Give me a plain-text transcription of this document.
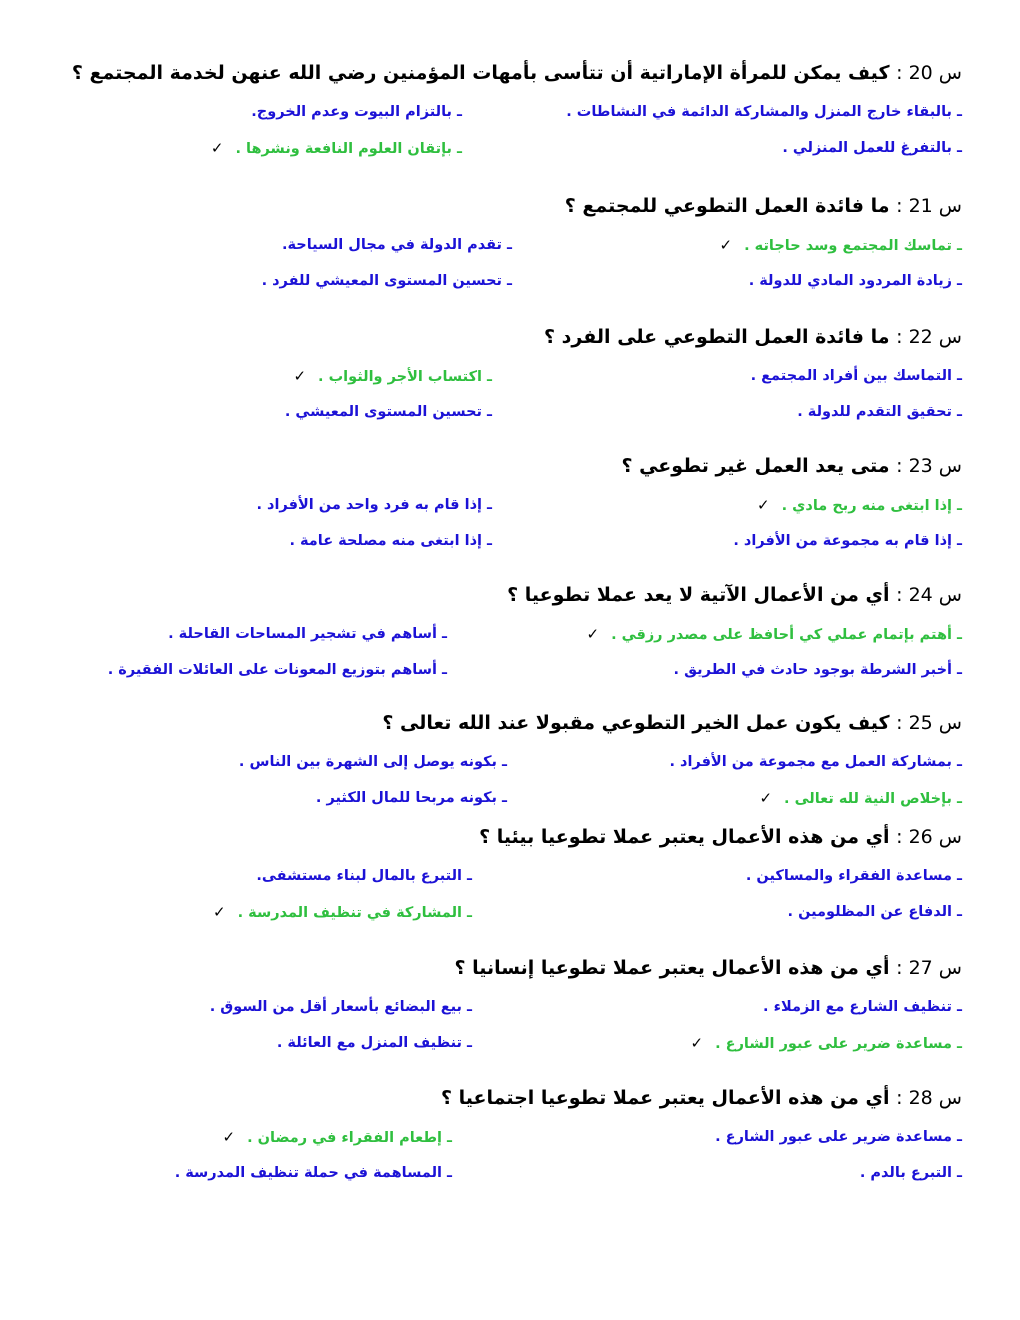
س 20 : كيف يمكن للمرأة الإماراتية أن تتأسى بأمهات المؤمنين رضي الله عنهن لخدمة المجتمع ؟
ـ بالبقاء خارج المنزل والمشاركة الدائمة في النشاطات .
ـ بالتزام البيوت وعدم الخروج.
ـ بالتفرغ للعمل المنزلي .
ـ بإتقان العلوم النافعة ونشرها .✓
س 21 : ما فائدة العمل التطوعي للمجتمع ؟
ـ تماسك المجتمع وسد حاجاته .✓
ـ تقدم الدولة في مجال السياحة.
ـ زيادة المردود المادي للدولة .
ـ تحسين المستوى المعيشي للفرد .
س 22 : ما فائدة العمل التطوعي على الفرد ؟
ـ التماسك بين أفراد المجتمع .
ـ اكتساب الأجر والثواب .✓
ـ تحقيق التقدم للدولة .
ـ تحسين المستوى المعيشي .
س 23 : متى يعد العمل غير تطوعي ؟
ـ إذا ابتغى منه ربح مادي .✓
ـ إذا قام به فرد واحد من الأفراد .
ـ إذا قام به مجموعة من الأفراد .
ـ إذا ابتغى منه مصلحة عامة .
س 24 : أي من الأعمال الآتية لا يعد عملا تطوعيا ؟
ـ أهتم بإتمام عملي كي أحافظ على مصدر رزقي .✓
ـ أساهم في تشجير المساحات القاحلة .
ـ أخبر الشرطة بوجود حادث في الطريق .
ـ أساهم بتوزيع المعونات على العائلات الفقيرة .
س 25 : كيف يكون عمل الخير التطوعي مقبولا عند الله تعالى ؟
ـ بمشاركة العمل مع مجموعة من الأفراد .
ـ بكونه يوصل إلى الشهرة بين الناس .
ـ بإخلاص النية لله تعالى .✓
ـ بكونه مربحا للمال الكثير .
س 26 : أي من هذه الأعمال يعتبر عملا تطوعيا بيئيا ؟
ـ مساعدة الفقراء والمساكين .
ـ التبرع بالمال لبناء مستشفى.
ـ الدفاع عن المظلومين .
ـ المشاركة في تنظيف المدرسة .✓
س 27 : أي من هذه الأعمال يعتبر عملا تطوعيا إنسانيا ؟
ـ تنظيف الشارع مع الزملاء .
ـ بيع البضائع بأسعار أقل من السوق .
ـ مساعدة ضرير على عبور الشارع .✓
ـ تنظيف المنزل مع العائلة .
س 28 : أي من هذه الأعمال يعتبر عملا تطوعيا اجتماعيا ؟
ـ مساعدة ضرير على عبور الشارع .
ـ إطعام الفقراء في رمضان .✓
ـ التبرع بالدم .
ـ المساهمة في حملة تنظيف المدرسة .
